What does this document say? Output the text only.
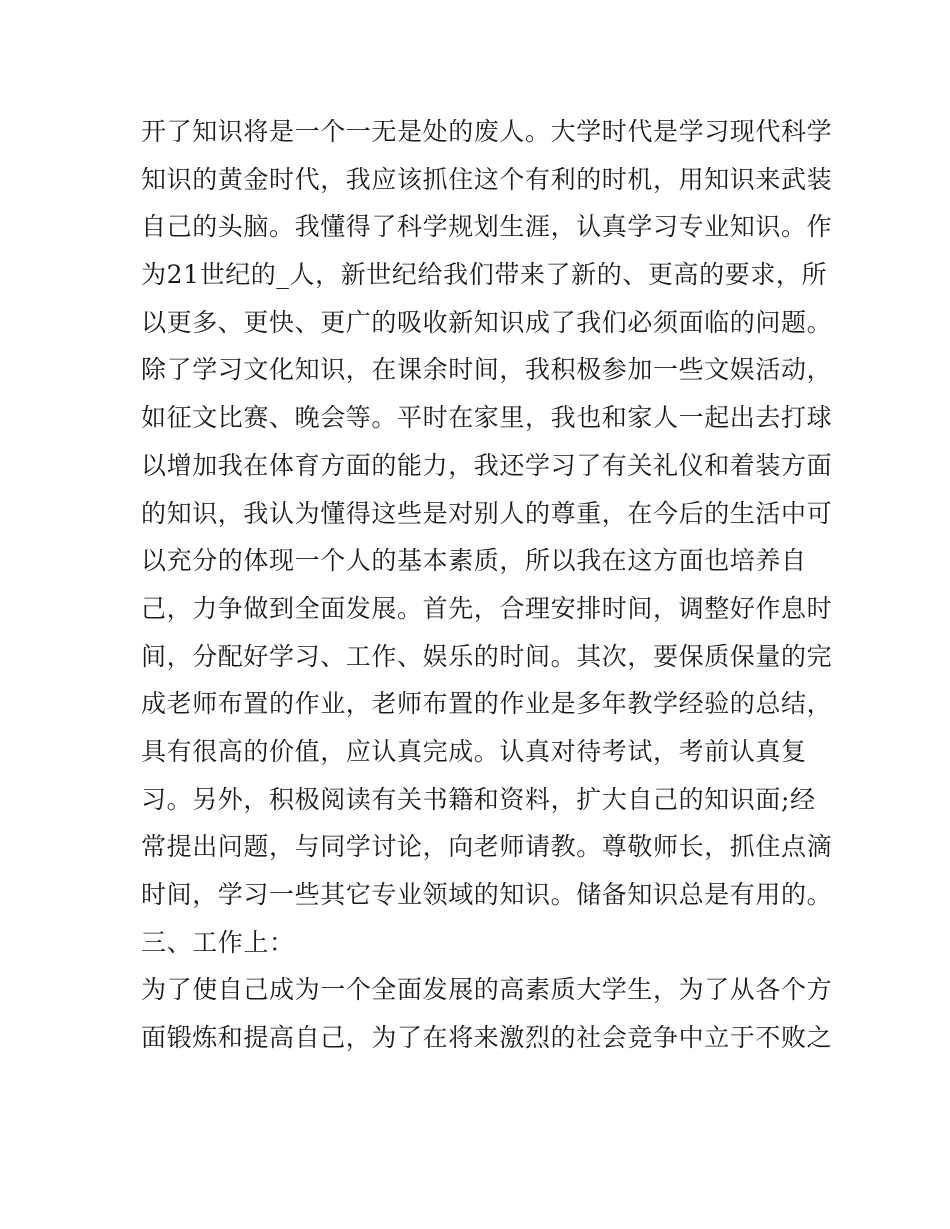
开了知识将是一个一无是处的废人。大学时代是学习现代科学
知识的黄金时代，我应该抓住这个有利的时机，用知识来武装
自己的头脑。我懂得了科学规划生涯，认真学习专业知识。作
为21世纪的_人，新世纪给我们带来了新的、更高的要求，所
以更多、更快、更广的吸收新知识成了我们必须面临的问题。
除了学习文化知识，在课余时间，我积极参加一些文娱活动，
如征文比赛、晚会等。平时在家里，我也和家人一起出去打球
以增加我在体育方面的能力，我还学习了有关礼仪和着装方面
的知识，我认为懂得这些是对别人的尊重，在今后的生活中可
以充分的体现一个人的基本素质，所以我在这方面也培养自
己，力争做到全面发展。首先，合理安排时间，调整好作息时
间，分配好学习、工作、娱乐的时间。其次，要保质保量的完
成老师布置的作业，老师布置的作业是多年教学经验的总结，
具有很高的价值，应认真完成。认真对待考试，考前认真复
习。另外，积极阅读有关书籍和资料，扩大自己的知识面;经
常提出问题，与同学讨论，向老师请教。尊敬师长，抓住点滴
时间，学习一些其它专业领域的知识。储备知识总是有用的。
三、工作上：
为了使自己成为一个全面发展的高素质大学生，为了从各个方
面锻炼和提高自己，为了在将来激烈的社会竞争中立于不败之
